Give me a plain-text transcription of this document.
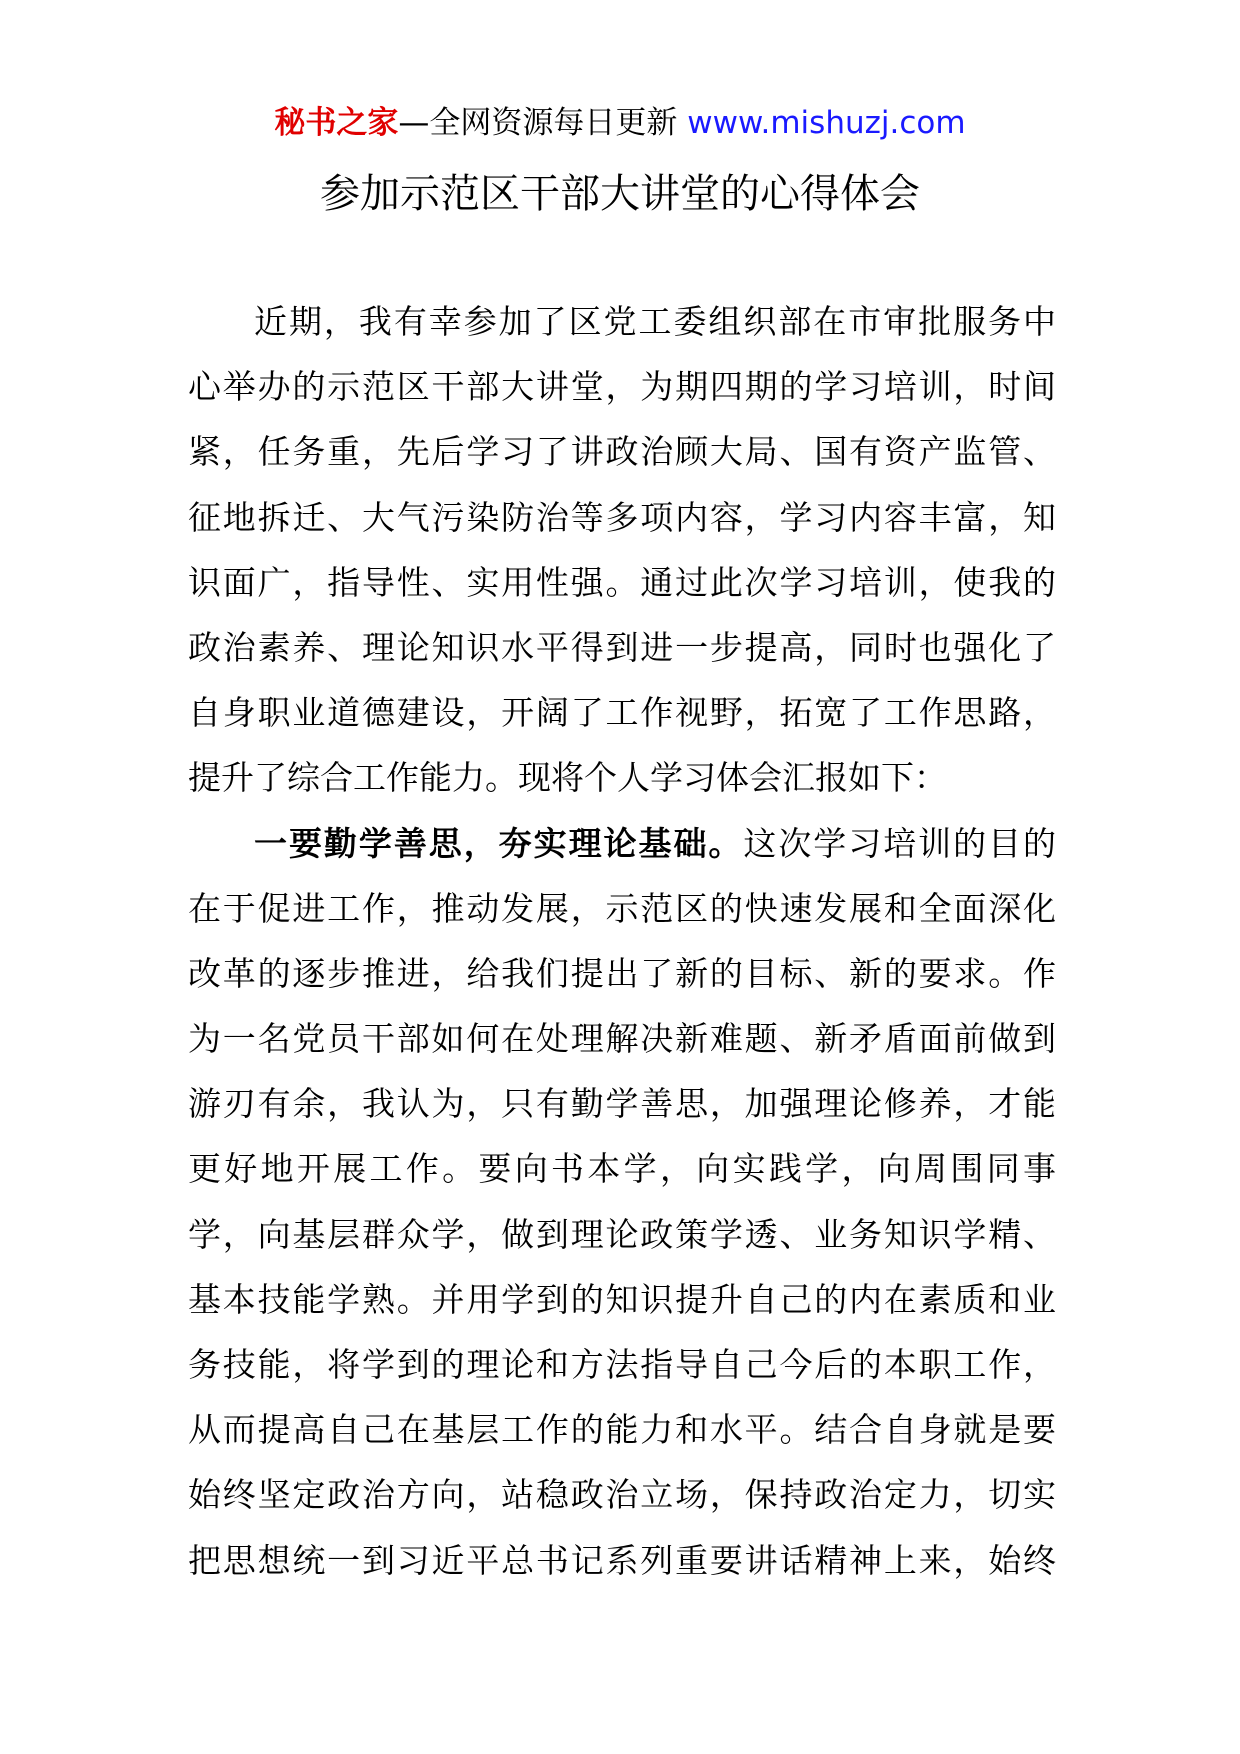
秘书之家—全网资源每日更新 www.mishuzj.com
参加示范区干部大讲堂的心得体会
近期，我有幸参加了区党工委组织部在市审批服务中
心举办的示范区干部大讲堂，为期四期的学习培训，时间
紧，任务重，先后学习了讲政治顾大局、国有资产监管、
征地拆迁、大气污染防治等多项内容，学习内容丰富，知
识面广，指导性、实用性强。通过此次学习培训，使我的
政治素养、理论知识水平得到进一步提高，同时也强化了
自身职业道德建设，开阔了工作视野，拓宽了工作思路，
提升了综合工作能力。现将个人学习体会汇报如下：
一要勤学善思，夯实理论基础。这次学习培训的目的
在于促进工作，推动发展，示范区的快速发展和全面深化
改革的逐步推进，给我们提出了新的目标、新的要求。作
为一名党员干部如何在处理解决新难题、新矛盾面前做到
游刃有余，我认为，只有勤学善思，加强理论修养，才能
更好地开展工作。要向书本学，向实践学，向周围同事
学，向基层群众学，做到理论政策学透、业务知识学精、
基本技能学熟。并用学到的知识提升自己的内在素质和业
务技能，将学到的理论和方法指导自己今后的本职工作，
从而提高自己在基层工作的能力和水平。结合自身就是要
始终坚定政治方向，站稳政治立场，保持政治定力，切实
把思想统一到习近平总书记系列重要讲话精神上来，始终
